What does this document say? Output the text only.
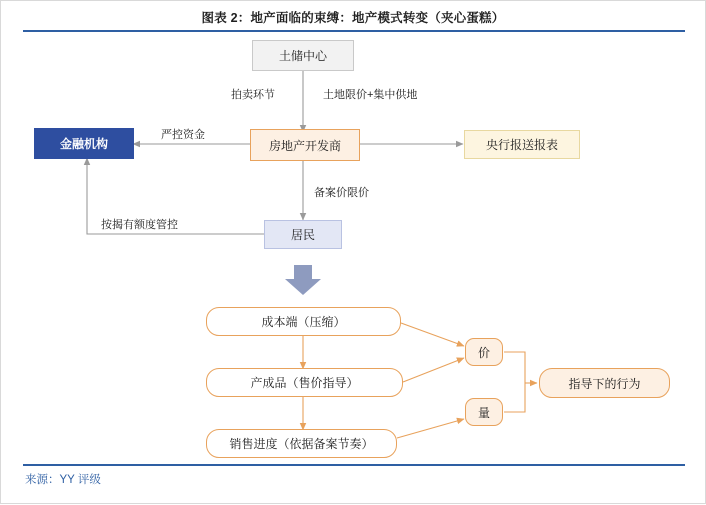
图表 2：地产面临的束缚：地产模式转变（夹心蛋糕）
来源：YY 评级
土储中心
金融机构	房地产开发商	央行报送报表
居民
成本端（压缩）
产成品（售价指导）
销售进度（依据备案节奏）
价
量
指导下的行为
拍卖环节	土地限价+集中供地
严控资金
备案价限价
按揭有额度管控
